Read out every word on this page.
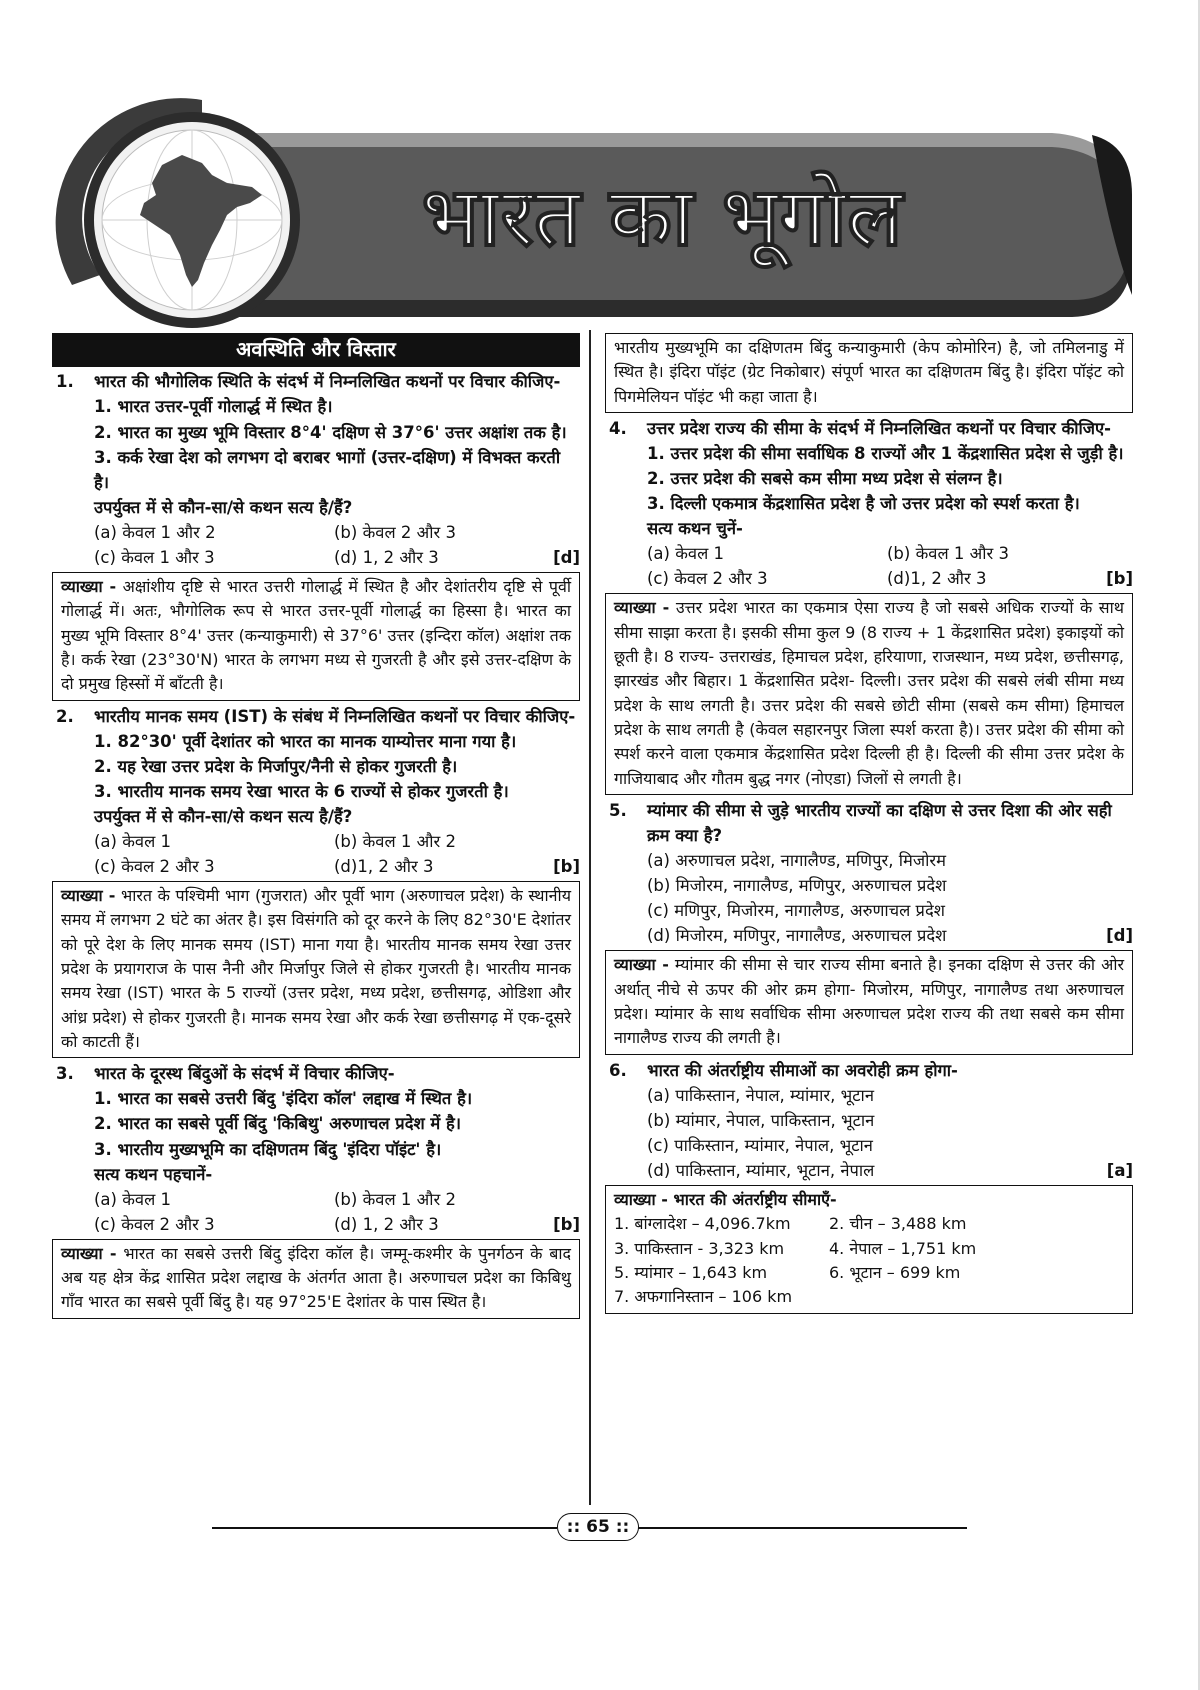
भारत का भूगोल
अवस्थिति और विस्तार
1. भारत की भौगोलिक स्थिति के संदर्भ में निम्नलिखित कथनों पर विचार कीजिए-

1. भारत उत्तर-पूर्वी गोलार्द्ध में स्थित है।

2. भारत का मुख्य भूमि विस्तार 8°4' दक्षिण से 37°6' उत्तर अक्षांश तक है।

3. कर्क रेखा देश को लगभग दो बराबर भागों (उत्तर-दक्षिण) में विभक्त करती है।

उपर्युक्त में से कौन-सा/से कथन सत्य है/हैं?

(a) केवल 1 और 2	(b) केवल 2 और 3
(c) केवल 1 और 3	(d) 1, 2 और 3	[d]
व्याख्या - अक्षांशीय दृष्टि से भारत उत्तरी गोलार्द्ध में स्थित है और देशांतरीय दृष्टि से पूर्वी गोलार्द्ध में। अतः, भौगोलिक रूप से भारत उत्तर-पूर्वी गोलार्द्ध का हिस्सा है। भारत का मुख्य भूमि विस्तार 8°4' उत्तर (कन्याकुमारी) से 37°6' उत्तर (इन्दिरा कॉल) अक्षांश तक है। कर्क रेखा (23°30'N) भारत के लगभग मध्य से गुजरती है और इसे उत्तर-दक्षिण के दो प्रमुख हिस्सों में बाँटती है।
2. भारतीय मानक समय (IST) के संबंध में निम्नलिखित कथनों पर विचार कीजिए-

1. 82°30' पूर्वी देशांतर को भारत का मानक याम्योत्तर माना गया है।

2. यह रेखा उत्तर प्रदेश के मिर्जापुर/नैनी से होकर गुजरती है।

3. भारतीय मानक समय रेखा भारत के 6 राज्यों से होकर गुजरती है।

उपर्युक्त में से कौन-सा/से कथन सत्य है/हैं?

(a) केवल 1	(b) केवल 1 और 2
(c) केवल 2 और 3	(d)1, 2 और 3	[b]
व्याख्या - भारत के पश्चिमी भाग (गुजरात) और पूर्वी भाग (अरुणाचल प्रदेश) के स्थानीय समय में लगभग 2 घंटे का अंतर है। इस विसंगति को दूर करने के लिए 82°30'E देशांतर को पूरे देश के लिए मानक समय (IST) माना गया है। भारतीय मानक समय रेखा उत्तर प्रदेश के प्रयागराज के पास नैनी और मिर्जापुर जिले से होकर गुजरती है। भारतीय मानक समय रेखा (IST) भारत के 5 राज्यों (उत्तर प्रदेश, मध्य प्रदेश, छत्तीसगढ़, ओडिशा और आंध्र प्रदेश) से होकर गुजरती है। मानक समय रेखा और कर्क रेखा छत्तीसगढ़ में एक-दूसरे को काटती हैं।
3. भारत के दूरस्थ बिंदुओं के संदर्भ में विचार कीजिए-

1. भारत का सबसे उत्तरी बिंदु 'इंदिरा कॉल' लद्दाख में स्थित है।

2. भारत का सबसे पूर्वी बिंदु 'किबिथु' अरुणाचल प्रदेश में है।

3. भारतीय मुख्यभूमि का दक्षिणतम बिंदु 'इंदिरा पॉइंट' है।

सत्य कथन पहचानें-

(a) केवल 1	(b) केवल 1 और 2
(c) केवल 2 और 3	(d) 1, 2 और 3	[b]
व्याख्या - भारत का सबसे उत्तरी बिंदु इंदिरा कॉल है। जम्मू-कश्मीर के पुनर्गठन के बाद अब यह क्षेत्र केंद्र शासित प्रदेश लद्दाख के अंतर्गत आता है। अरुणाचल प्रदेश का किबिथु गाँव भारत का सबसे पूर्वी बिंदु है। यह 97°25'E देशांतर के पास स्थित है।
भारतीय मुख्यभूमि का दक्षिणतम बिंदु कन्याकुमारी (केप कोमोरिन) है, जो तमिलनाडु में स्थित है। इंदिरा पॉइंट (ग्रेट निकोबार) संपूर्ण भारत का दक्षिणतम बिंदु है। इंदिरा पॉइंट को पिगमेलियन पॉइंट भी कहा जाता है।
4. उत्तर प्रदेश राज्य की सीमा के संदर्भ में निम्नलिखित कथनों पर विचार कीजिए-

1. उत्तर प्रदेश की सीमा सर्वाधिक 8 राज्यों और 1 केंद्रशासित प्रदेश से जुड़ी है।

2. उत्तर प्रदेश की सबसे कम सीमा मध्य प्रदेश से संलग्न है।

3. दिल्ली एकमात्र केंद्रशासित प्रदेश है जो उत्तर प्रदेश को स्पर्श करता है।

सत्य कथन चुनें-

(a) केवल 1	(b) केवल 1 और 3
(c) केवल 2 और 3	(d)1, 2 और 3	[b]
व्याख्या - उत्तर प्रदेश भारत का एकमात्र ऐसा राज्य है जो सबसे अधिक राज्यों के साथ सीमा साझा करता है। इसकी सीमा कुल 9 (8 राज्य + 1 केंद्रशासित प्रदेश) इकाइयों को छूती है। 8 राज्य- उत्तराखंड, हिमाचल प्रदेश, हरियाणा, राजस्थान, मध्य प्रदेश, छत्तीसगढ़, झारखंड और बिहार। 1 केंद्रशासित प्रदेश- दिल्ली। उत्तर प्रदेश की सबसे लंबी सीमा मध्य प्रदेश के साथ लगती है। उत्तर प्रदेश की सबसे छोटी सीमा (सबसे कम सीमा) हिमाचल प्रदेश के साथ लगती है (केवल सहारनपुर जिला स्पर्श करता है)। उत्तर प्रदेश की सीमा को स्पर्श करने वाला एकमात्र केंद्रशासित प्रदेश दिल्ली ही है। दिल्ली की सीमा उत्तर प्रदेश के गाजियाबाद और गौतम बुद्ध नगर (नोएडा) जिलों से लगती है।
5. म्यांमार की सीमा से जुड़े भारतीय राज्यों का दक्षिण से उत्तर दिशा की ओर सही क्रम क्या है?

(a) अरुणाचल प्रदेश, नागालैण्ड, मणिपुर, मिजोरम

(b) मिजोरम, नागालैण्ड, मणिपुर, अरुणाचल प्रदेश

(c) मणिपुर, मिजोरम, नागालैण्ड, अरुणाचल प्रदेश

(d) मिजोरम, मणिपुर, नागालैण्ड, अरुणाचल प्रदेश	[d]
व्याख्या - म्यांमार की सीमा से चार राज्य सीमा बनाते है। इनका दक्षिण से उत्तर की ओर अर्थात् नीचे से ऊपर की ओर क्रम होगा- मिजोरम, मणिपुर, नागालैण्ड तथा अरुणाचल प्रदेश। म्यांमार के साथ सर्वाधिक सीमा अरुणाचल प्रदेश राज्य की तथा सबसे कम सीमा नागालैण्ड राज्य की लगती है।
6. भारत की अंतर्राष्ट्रीय सीमाओं का अवरोही क्रम होगा-

(a) पाकिस्तान, नेपाल, म्यांमार, भूटान

(b) म्यांमार, नेपाल, पाकिस्तान, भूटान

(c) पाकिस्तान, म्यांमार, नेपाल, भूटान

(d) पाकिस्तान, म्यांमार, भूटान, नेपाल	[a]
व्याख्या - भारत की अंतर्राष्ट्रीय सीमाएँ-
1. बांग्लादेश – 4,096.7km	2. चीन – 3,488 km
3. पाकिस्तान - 3,323 km	4. नेपाल – 1,751 km
5. म्यांमार – 1,643 km	6. भूटान – 699 km
7. अफगानिस्तान – 106 km
:: 65 ::
